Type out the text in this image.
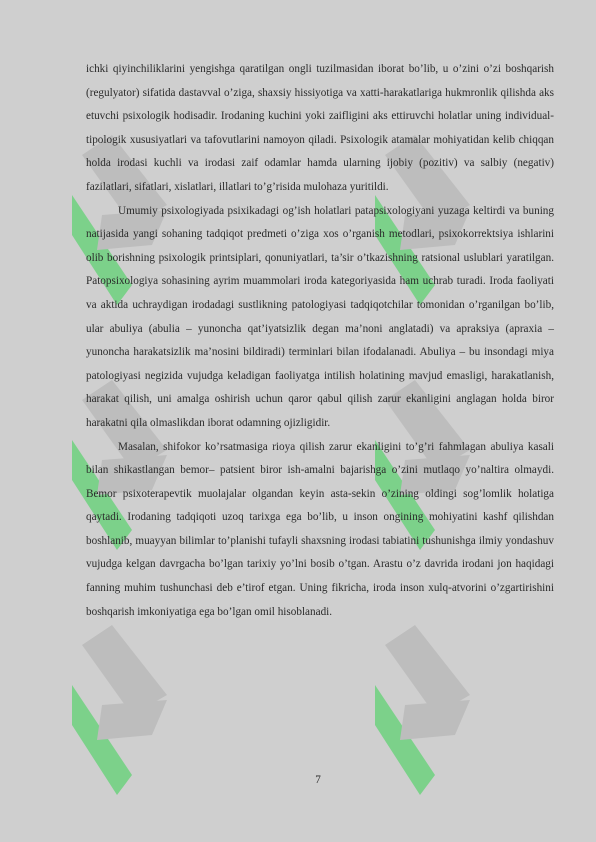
ichki qiyinchiliklarini yengishga qaratilgan ongli tuzilmasidan iborat bo’lib, u o’zini o’zi boshqarish (regulyator) sifatida dastavval o’ziga, shaxsiy hissiyotiga va xatti-harakatlariga hukmronlik qilishda aks etuvchi psixologik hodisadir. Irodaning kuchini yoki zaifligini aks ettiruvchi holatlar uning individual-tipologik xususiyatlari va tafovutlarini namoyon qiladi. Psixologik atamalar mohiyatidan kelib chiqqan holda irodasi kuchli va irodasi zaif odamlar hamda ularning ijobiy (pozitiv) va salbiy (negativ) fazilatlari, sifatlari, xislatlari, illatlari to’g’risida mulohaza yuritildi.

Umumiy psixologiyada psixikadagi og’ish holatlari patapsixologiyani yuzaga keltirdi va buning natijasida yangi sohaning tadqiqot predmeti o’ziga xos o’rganish metodlari, psixokorrektsiya ishlarini olib borishning psixologik printsiplari, qonuniyatlari, ta’sir o’tkazishning ratsional uslublari yaratilgan. Patopsixologiya sohasining ayrim muammolari iroda kategoriyasida ham uchrab turadi. Iroda faoliyati va aktida uchraydigan irodadagi sustlikning patologiyasi tadqiqotchilar tomonidan o’rganilgan bo’lib, ular abuliya (abulia – yunoncha qat’iyatsizlik degan ma’noni anglatadi) va apraksiya (apraxia – yunoncha harakatsizlik ma’nosini bildiradi) terminlari bilan ifodalanadi. Abuliya – bu insondagi miya patologiyasi negizida vujudga keladigan faoliyatga intilish holatining mavjud emasligi, harakatlanish, harakat qilish, uni amalga oshirish uchun qaror qabul qilish zarur ekanligini anglagan holda biror harakatni qila olmaslikdan iborat odamning ojizligidir.

Masalan, shifokor ko’rsatmasiga rioya qilish zarur ekanligini to’g’ri fahmlagan abuliya kasali bilan shikastlangan bemor– patsient biror ish-amalni bajarishga o’zini mutlaqo yo’naltira olmaydi. Bemor psixoterapevtik muolajalar olgandan keyin asta-sekin o’zining oldingi sog’lomlik holatiga qaytadi. Irodaning tadqiqoti uzoq tarixga ega bo’lib, u inson ongining mohiyatini kashf qilishdan boshlanib, muayyan bilimlar to’planishi tufayli shaxsning irodasi tabiatini tushunishga ilmiy yondashuv vujudga kelgan davrgacha bo’lgan tarixiy yo’lni bosib o’tgan. Arastu o’z davrida irodani jon haqidagi fanning muhim tushunchasi deb e’tirof etgan. Uning fikricha, iroda inson xulq-atvorini o’zgartirishini boshqarish imkoniyatiga ega bo’lgan omil hisoblanadi.

7
